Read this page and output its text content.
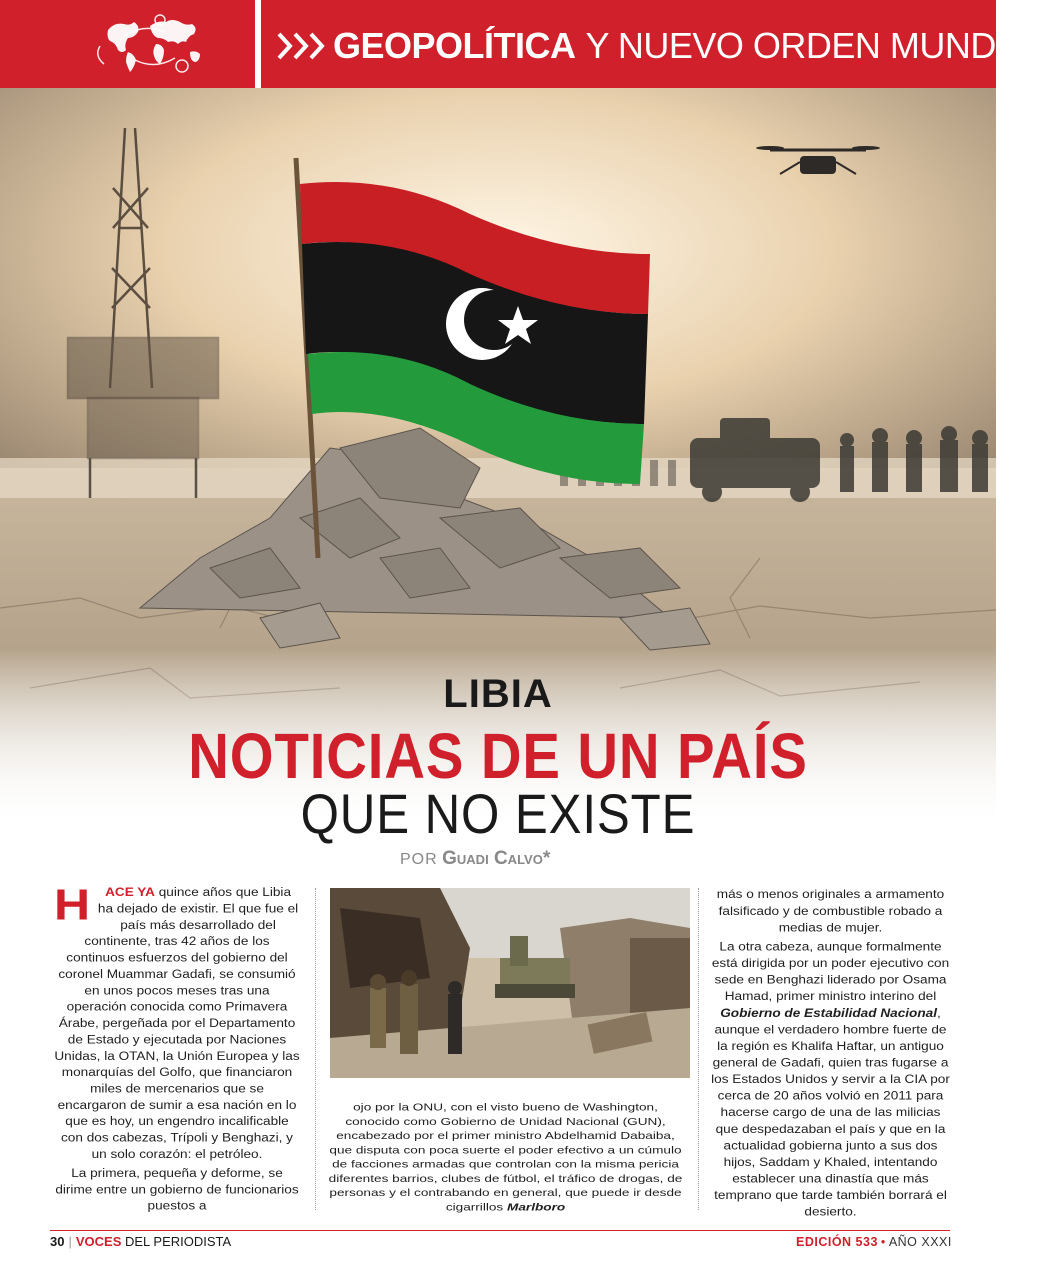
GEOPOLÍTICA Y NUEVO ORDEN MUNDIAL
LIBIA
NOTICIAS DE UN PAÍS
QUE NO EXISTE
POR Guadi Calvo*

H ACE YA quince años que Libia ha dejado de existir. El que fue el país más desarrollado del continente, tras 42 años de los continuos esfuerzos del gobierno del coronel Muammar Gadafi, se consumió en unos pocos meses tras una operación conocida como Primavera Árabe, pergeñada por el Departamento de Estado y ejecutada por Naciones Unidas, la OTAN, la Unión Europea y las monarquías del Golfo, que financiaron miles de mercenarios que se encargaron de sumir a esa nación en lo que es hoy, un engendro incalificable con dos cabezas, Trípoli y Benghazi, y un solo corazón: el petróleo.

La primera, pequeña y deforme, se dirime entre un gobierno de funcionarios puestos a

ojo por la ONU, con el visto bueno de Washington, conocido como Gobierno de Unidad Nacional (GUN), encabezado por el primer ministro Abdelhamid Dabaiba, que disputa con poca suerte el poder efectivo a un cúmulo de facciones armadas que controlan con la misma pericia diferentes barrios, clubes de fútbol, el tráfico de drogas, de personas y el contrabando en general, que puede ir desde cigarrillos Marlboro

más o menos originales a armamento falsificado y de combustible robado a medias de mujer.

La otra cabeza, aunque formalmente está dirigida por un poder ejecutivo con sede en Benghazi liderado por Osama Hamad, primer ministro interino del Gobierno de Estabilidad Nacional, aunque el verdadero hombre fuerte de la región es Khalifa Haftar, un antiguo general de Gadafi, quien tras fugarse a los Estados Unidos y servir a la CIA por cerca de 20 años volvió en 2011 para hacerse cargo de una de las milicias que despedazaban el país y que en la actualidad gobierna junto a sus dos hijos, Saddam y Khaled, intentando establecer una dinastía que más temprano que tarde también borrará el desierto.

30 | VOCES DEL PERIODISTA	EDICIÓN 533 • AÑO XXXI
